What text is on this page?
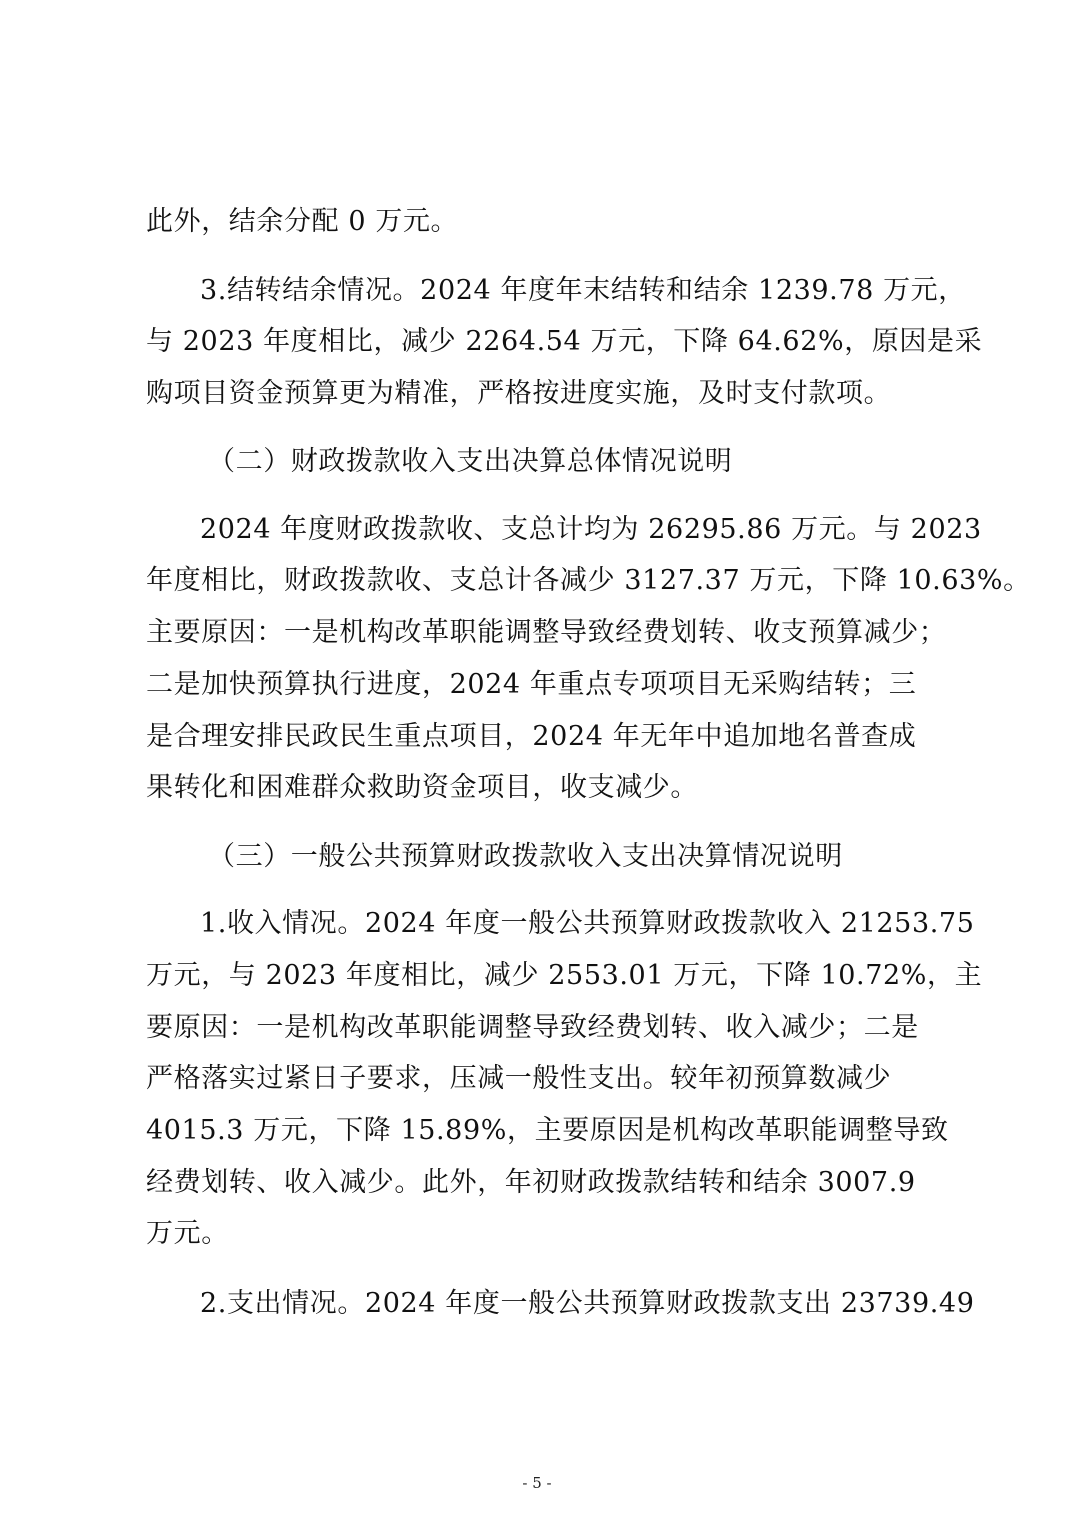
此外，结余分配 0 万元。
3.结转结余情况。2024 年度年末结转和结余 1239.78 万元，
与 2023 年度相比，减少 2264.54 万元，下降 64.62%，原因是采
购项目资金预算更为精准，严格按进度实施，及时支付款项。
（二）财政拨款收入支出决算总体情况说明
2024 年度财政拨款收、支总计均为 26295.86 万元。与 2023
年度相比，财政拨款收、支总计各减少 3127.37 万元，下降 10.63%。
主要原因：一是机构改革职能调整导致经费划转、收支预算减少；
二是加快预算执行进度，2024 年重点专项项目无采购结转；三
是合理安排民政民生重点项目，2024 年无年中追加地名普查成
果转化和困难群众救助资金项目，收支减少。
（三）一般公共预算财政拨款收入支出决算情况说明
1.收入情况。2024 年度一般公共预算财政拨款收入 21253.75
万元，与 2023 年度相比，减少 2553.01 万元，下降 10.72%，主
要原因：一是机构改革职能调整导致经费划转、收入减少；二是
严格落实过紧日子要求，压减一般性支出。较年初预算数减少
4015.3 万元，下降 15.89%，主要原因是机构改革职能调整导致
经费划转、收入减少。此外，年初财政拨款结转和结余 3007.9
万元。
2.支出情况。2024 年度一般公共预算财政拨款支出 23739.49
- 5 -
